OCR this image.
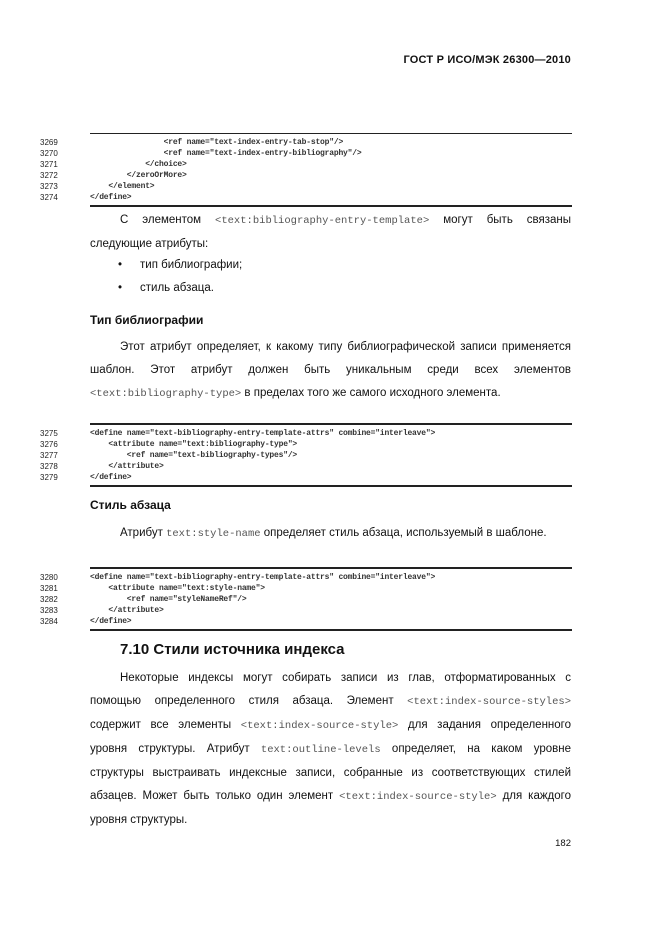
ГОСТ Р ИСО/МЭК 26300—2010
3269	<ref name="text-index-entry-tab-stop"/>
3270	<ref name="text-index-entry-bibliography"/>
3271	</choice>
3272	</zeroOrMore>
3273	</element>
3274	</define>
С элементом <text:bibliography-entry-template> могут быть связаны следующие атрибуты:
• тип библиографии;
• стиль абзаца.
Тип библиографии
Этот атрибут определяет, к какому типу библиографической записи применяется шаблон. Этот атрибут должен быть уникальным среди всех элементов <text:bibliography-type> в пределах того же самого исходного элемента.
3275	<define name="text-bibliography-entry-template-attrs" combine="interleave">
3276	<attribute name="text:bibliography-type">
3277	<ref name="text-bibliography-types"/>
3278	</attribute>
3279	</define>
Стиль абзаца
Атрибут text:style-name определяет стиль абзаца, используемый в шаблоне.
3280	<define name="text-bibliography-entry-template-attrs" combine="interleave">
3281	<attribute name="text:style-name">
3282	<ref name="styleNameRef"/>
3283	</attribute>
3284	</define>
7.10 Стили источника индекса
Некоторые индексы могут собирать записи из глав, отформатированных с помощью определенного стиля абзаца. Элемент <text:index-source-styles> содержит все элементы <text:index-source-style> для задания определенного уровня структуры. Атрибут text:outline-levels определяет, на каком уровне структуры выстраивать индексные записи, собранные из соответствующих стилей абзацев. Может быть только один элемент <text:index-source-style> для каждого уровня структуры.
182
